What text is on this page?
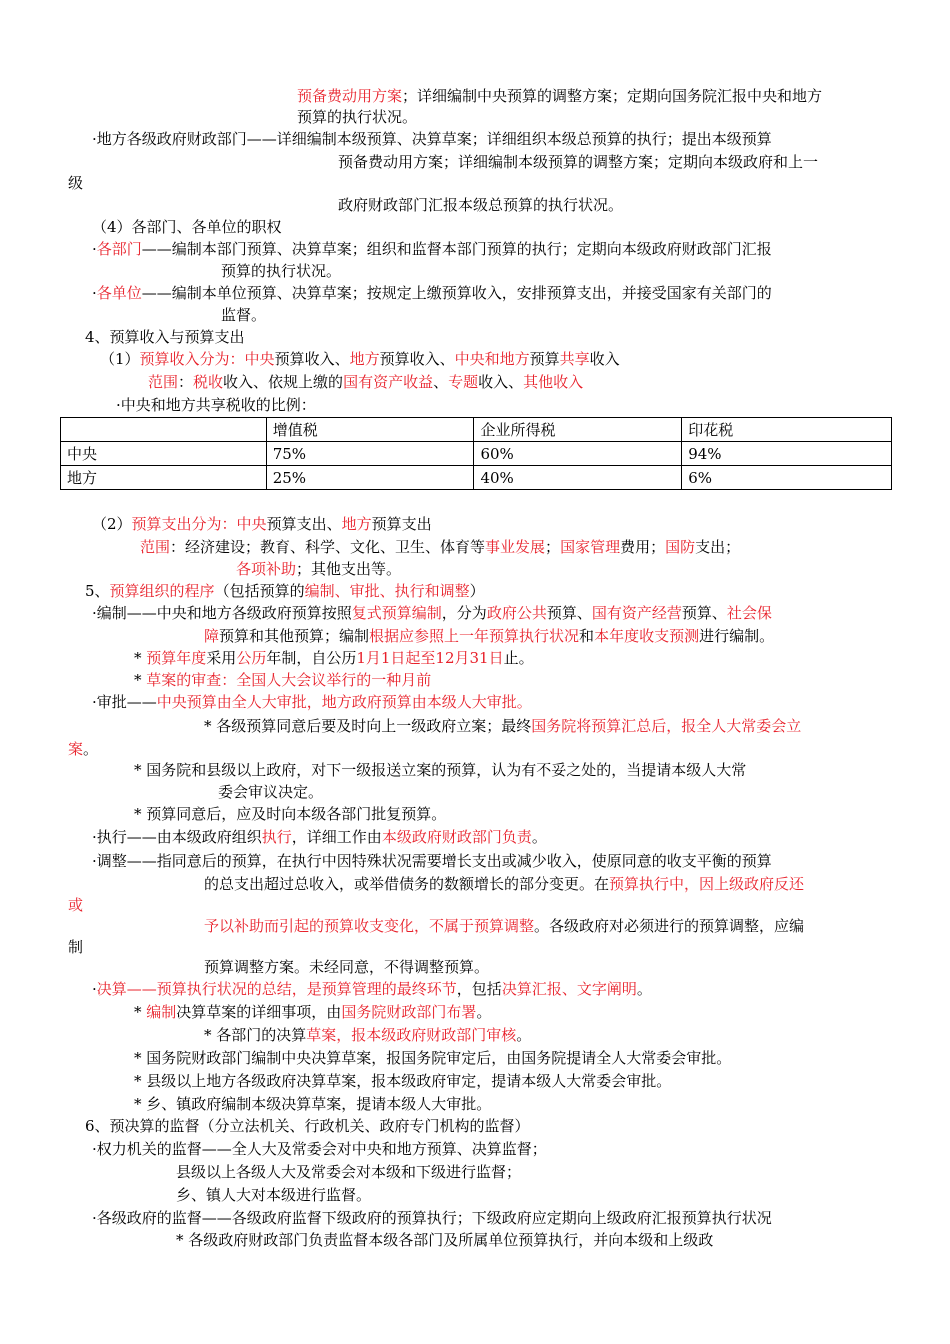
	增值税	企业所得税	印花税
中央	75%	60%	94%
地方	25%	40%	6%
预备费动用方案；详细编制中央预算的调整方案；定期向国务院汇报中央和地方
预算的执行状况。
·地方各级政府财政部门——详细编制本级预算、决算草案；详细组织本级总预算的执行；提出本级预算
预备费动用方案；详细编制本级预算的调整方案；定期向本级政府和上一
级
政府财政部门汇报本级总预算的执行状况。
（4）各部门、各单位的职权
·各部门——编制本部门预算、决算草案；组织和监督本部门预算的执行；定期向本级政府财政部门汇报
预算的执行状况。
·各单位——编制本单位预算、决算草案；按规定上缴预算收入，安排预算支出，并接受国家有关部门的
监督。
4、预算收入与预算支出
（1）预算收入分为：中央预算收入、地方预算收入、中央和地方预算共享收入
范围：税收收入、依规上缴的国有资产收益、专题收入、其他收入
·中央和地方共享税收的比例：
（2）预算支出分为：中央预算支出、地方预算支出
范围：经济建设；教育、科学、文化、卫生、体育等事业发展；国家管理费用；国防支出；
各项补助；其他支出等。
5、预算组织的程序（包括预算的编制、审批、执行和调整）
·编制——中央和地方各级政府预算按照复式预算编制，分为政府公共预算、国有资产经营预算、社会保
障预算和其他预算；编制根据应参照上一年预算执行状况和本年度收支预测进行编制。
* 预算年度采用公历年制，自公历1月1日起至12月31日止。
* 草案的审查：全国人大会议举行的一种月前
·审批——中央预算由全人大审批，地方政府预算由本级人大审批。
* 各级预算同意后要及时向上一级政府立案；最终国务院将预算汇总后，报全人大常委会立
案。
* 国务院和县级以上政府，对下一级报送立案的预算，认为有不妥之处的，当提请本级人大常
委会审议决定。
* 预算同意后，应及时向本级各部门批复预算。
·执行——由本级政府组织执行，详细工作由本级政府财政部门负责。
·调整——指同意后的预算，在执行中因特殊状况需要增长支出或减少收入，使原同意的收支平衡的预算
的总支出超过总收入，或举借债务的数额增长的部分变更。在预算执行中，因上级政府反还
或
予以补助而引起的预算收支变化，不属于预算调整。各级政府对必须进行的预算调整，应编
制
预算调整方案。未经同意，不得调整预算。
·决算——预算执行状况的总结，是预算管理的最终环节，包括决算汇报、文字阐明。
* 编制决算草案的详细事项，由国务院财政部门布署。
* 各部门的决算草案，报本级政府财政部门审核。
* 国务院财政部门编制中央决算草案，报国务院审定后，由国务院提请全人大常委会审批。
* 县级以上地方各级政府决算草案，报本级政府审定，提请本级人大常委会审批。
* 乡、镇政府编制本级决算草案，提请本级人大审批。
6、预决算的监督（分立法机关、行政机关、政府专门机构的监督）
·权力机关的监督——全人大及常委会对中央和地方预算、决算监督；
县级以上各级人大及常委会对本级和下级进行监督；
乡、镇人大对本级进行监督。
·各级政府的监督——各级政府监督下级政府的预算执行；下级政府应定期向上级政府汇报预算执行状况
* 各级政府财政部门负责监督本级各部门及所属单位预算执行，并向本级和上级政
